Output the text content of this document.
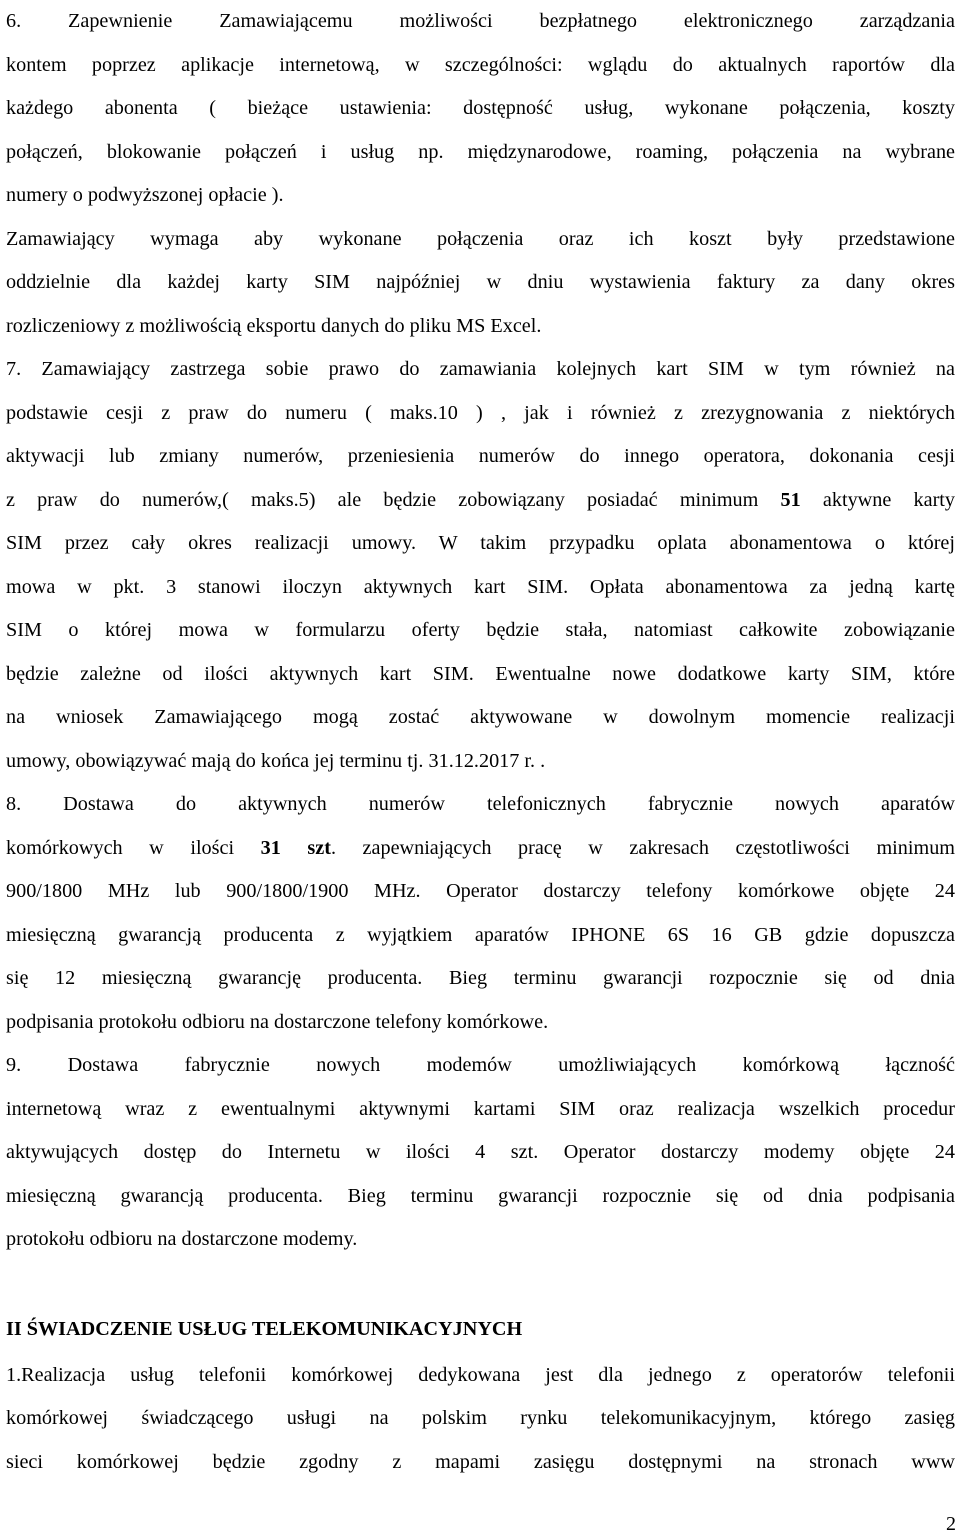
6. Zapewnienie Zamawiającemu możliwości bezpłatnego elektronicznego zarządzania
kontem poprzez aplikacje internetową, w szczególności: wglądu do aktualnych raportów dla
każdego abonenta ( bieżące ustawienia: dostępność usług, wykonane połączenia, koszty
połączeń, blokowanie połączeń i usług np. międzynarodowe, roaming, połączenia na wybrane
numery o podwyższonej opłacie ).
Zamawiający wymaga aby wykonane połączenia oraz ich koszt były przedstawione
oddzielnie dla każdej karty SIM najpóźniej w dniu wystawienia faktury za dany okres
rozliczeniowy z możliwością eksportu danych do pliku MS Excel.
7. Zamawiający zastrzega sobie prawo do zamawiania kolejnych kart SIM w tym również na
podstawie cesji z praw do numeru ( maks.10 ) , jak i również z zrezygnowania z niektórych
aktywacji lub zmiany numerów, przeniesienia numerów do innego operatora, dokonania cesji
z praw do numerów,( maks.5) ale będzie zobowiązany posiadać minimum 51 aktywne karty
SIM przez cały okres realizacji umowy. W takim przypadku oplata abonamentowa o której
mowa w pkt. 3 stanowi iloczyn aktywnych kart SIM. Opłata abonamentowa za jedną kartę
SIM o której mowa w formularzu oferty będzie stała, natomiast całkowite zobowiązanie
będzie zależne od ilości aktywnych kart SIM. Ewentualne nowe dodatkowe karty SIM, które
na wniosek Zamawiającego mogą zostać aktywowane w dowolnym momencie realizacji
umowy, obowiązywać mają do końca jej terminu tj. 31.12.2017 r. .
8. Dostawa do aktywnych numerów telefonicznych fabrycznie nowych aparatów
komórkowych w ilości 31 szt. zapewniających pracę w zakresach częstotliwości minimum
900/1800 MHz lub 900/1800/1900 MHz. Operator dostarczy telefony komórkowe objęte 24
miesięczną gwarancją producenta z wyjątkiem aparatów IPHONE 6S 16 GB gdzie dopuszcza
się 12 miesięczną gwarancję producenta. Bieg terminu gwarancji rozpocznie się od dnia
podpisania protokołu odbioru na dostarczone telefony komórkowe.
9. Dostawa fabrycznie nowych modemów umożliwiających komórkową łączność
internetową wraz z ewentualnymi aktywnymi kartami SIM oraz realizacja wszelkich procedur
aktywujących dostęp do Internetu w ilości 4 szt. Operator dostarczy modemy objęte 24
miesięczną gwarancją producenta. Bieg terminu gwarancji rozpocznie się od dnia podpisania
protokołu odbioru na dostarczone modemy.
II ŚWIADCZENIE USŁUG TELEKOMUNIKACYJNYCH
1.Realizacja usług telefonii komórkowej dedykowana jest dla jednego z operatorów telefonii
komórkowej świadczącego usługi na polskim rynku telekomunikacyjnym, którego zasięg
sieci komórkowej będzie zgodny z mapami zasięgu dostępnymi na stronach www
2
